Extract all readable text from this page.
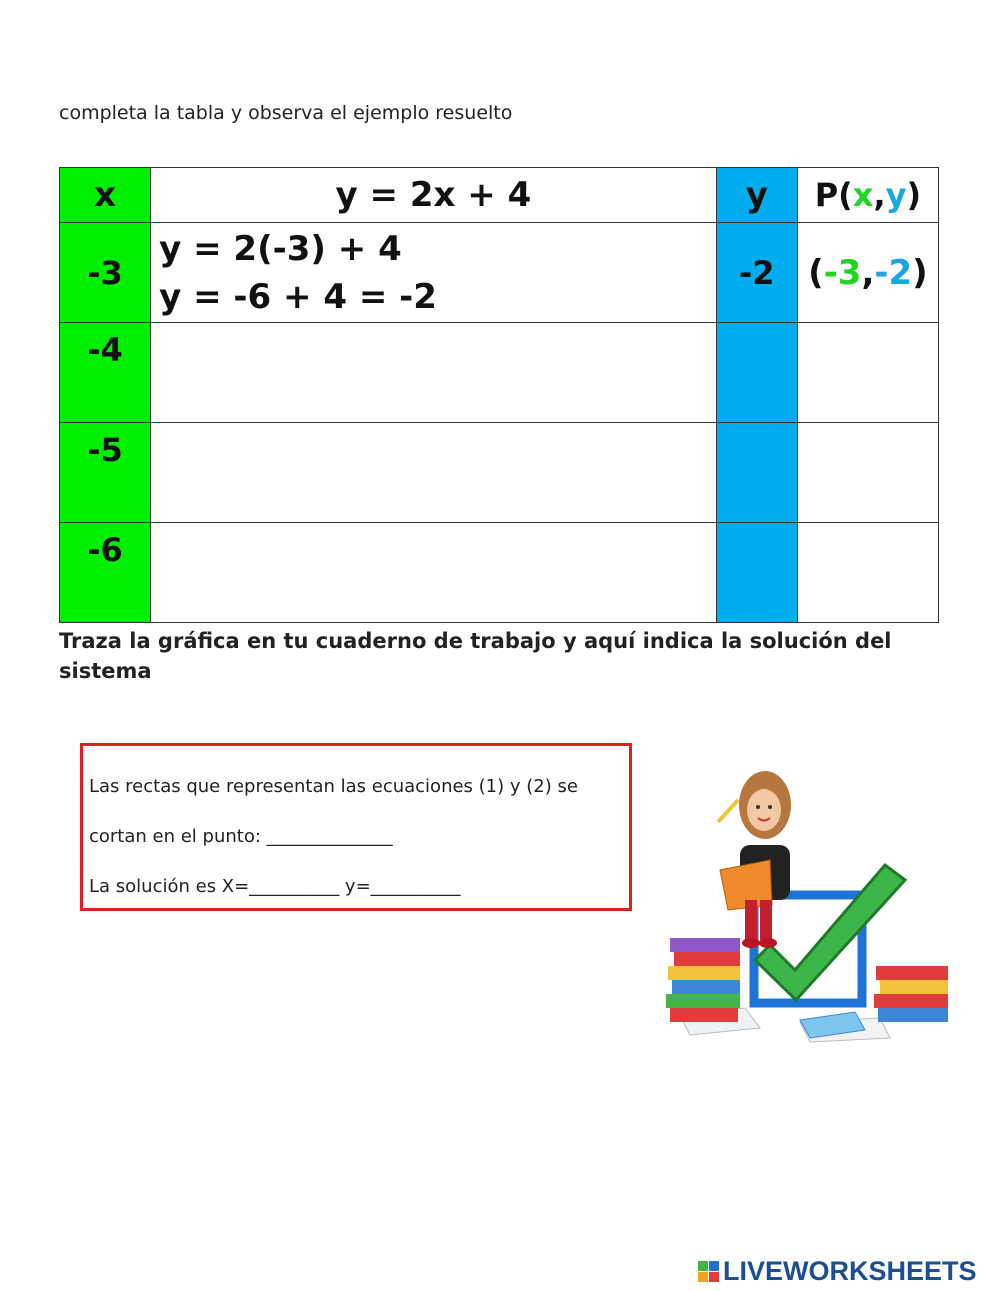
completa la tabla y observa el ejemplo resuelto
x	y = 2x + 4	y	P(x,y)
-3	y = 2(-3) + 4
y = -6 + 4 = -2	-2	(-3,-2)
-4			
-5			
-6			
Traza la gráfica en tu cuaderno de trabajo y aquí indica la solución del sistema
Las rectas que representan las ecuaciones (1) y (2) se
cortan en el punto: ______________
La solución es X=__________ y=__________
LIVEWORKSHEETS
